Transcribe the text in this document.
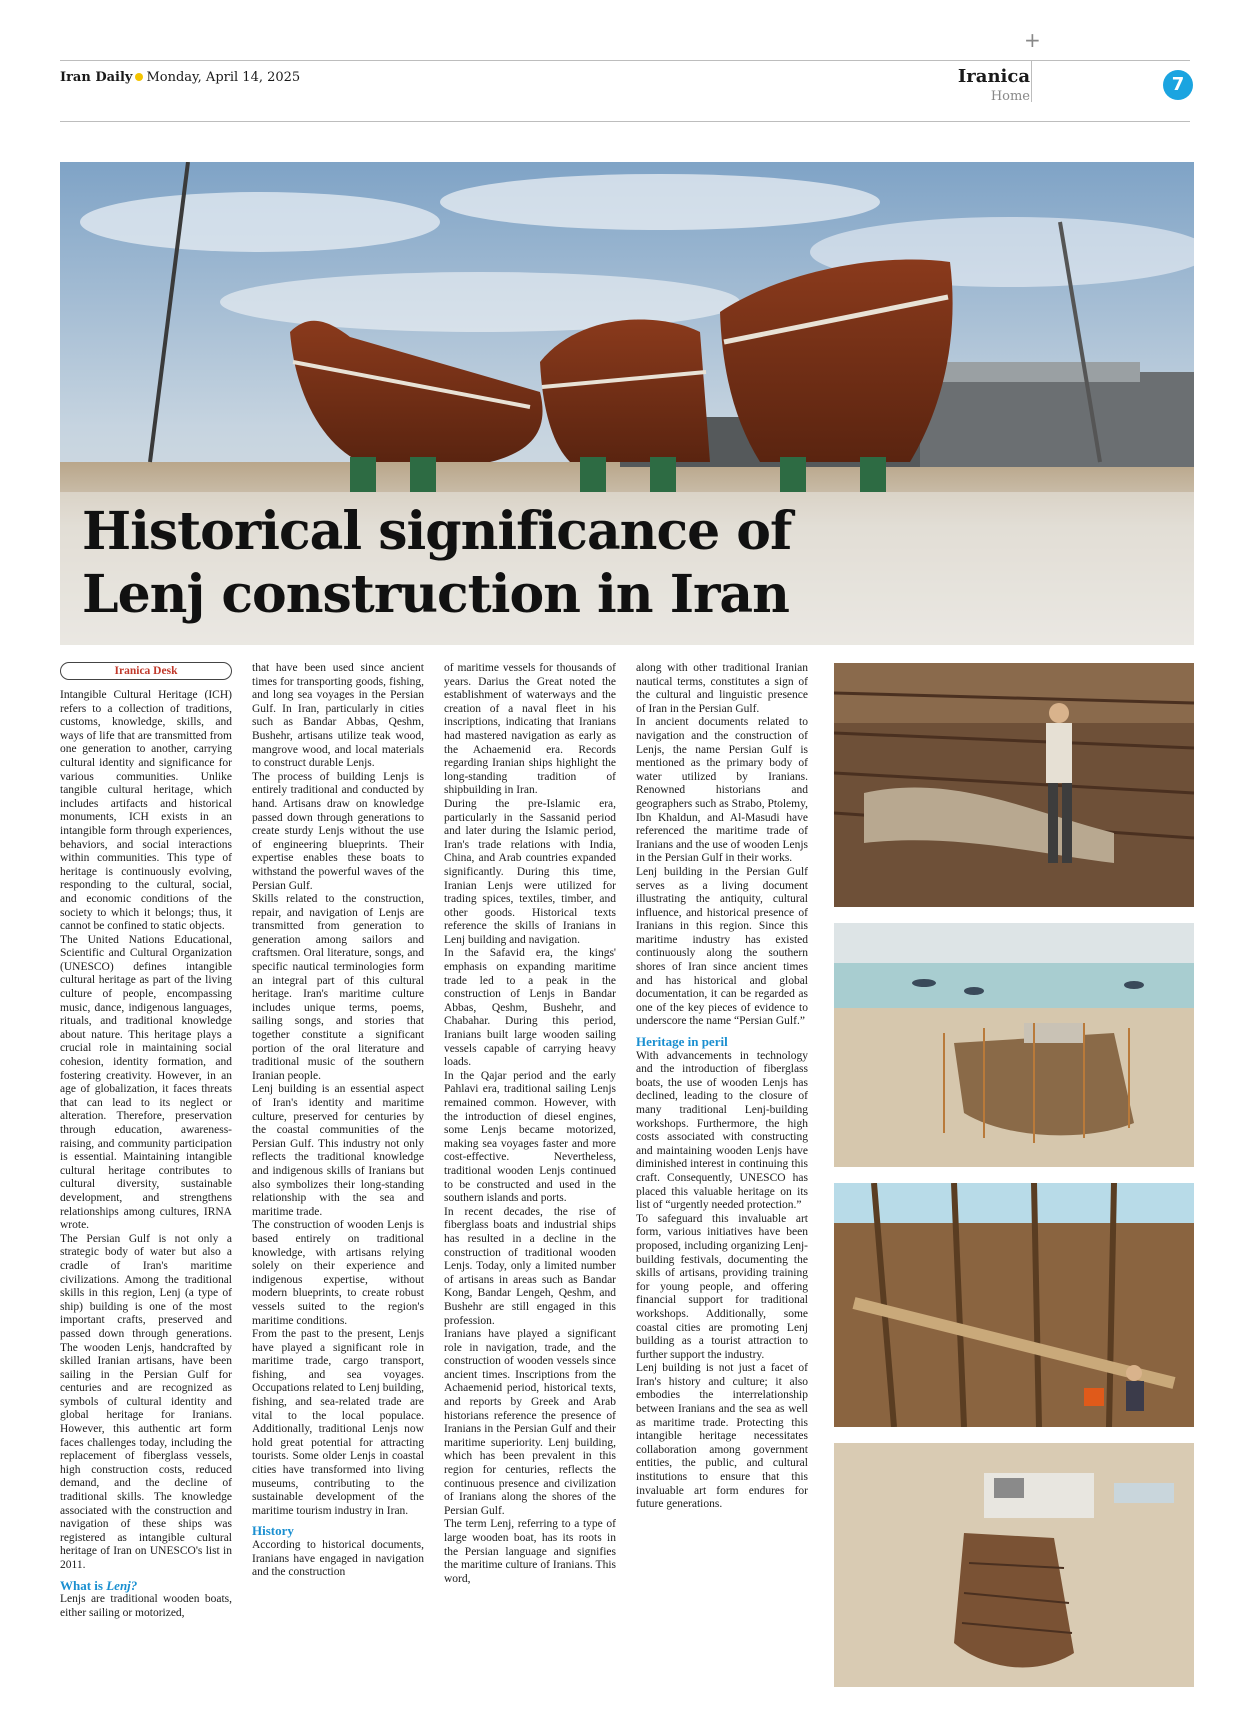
+
Iran Daily Monday, April 14, 2025	Iranica
Home
7
Historical significance of
Lenj construction in Iran
Iranica Desk

Intangible Cultural Heritage (ICH) refers to a collection of traditions, customs, knowledge, skills, and ways of life that are transmitted from one generation to another, carrying cultural identity and significance for various communities. Unlike tangible cultural heritage, which includes artifacts and historical monuments, ICH exists in an intangible form through experiences, behaviors, and social interactions within communities. This type of heritage is continuously evolving, responding to the cultural, social, and economic conditions of the society to which it belongs; thus, it cannot be confined to static objects.

The United Nations Educational, Scientific and Cultural Organization (UNESCO) defines intangible cultural heritage as part of the living culture of people, encompassing music, dance, indigenous languages, rituals, and traditional knowledge about nature. This heritage plays a crucial role in maintaining social cohesion, identity formation, and fostering creativity. However, in an age of globalization, it faces threats that can lead to its neglect or alteration. Therefore, preservation through education, awareness-raising, and community participation is essential. Maintaining intangible cultural heritage contributes to cultural diversity, sustainable development, and strengthens relationships among cultures, IRNA wrote.

The Persian Gulf is not only a strategic body of water but also a cradle of Iran's maritime civilizations. Among the traditional skills in this region, Lenj (a type of ship) building is one of the most important crafts, preserved and passed down through generations. The wooden Lenjs, handcrafted by skilled Iranian artisans, have been sailing in the Persian Gulf for centuries and are recognized as symbols of cultural identity and global heritage for Iranians. However, this authentic art form faces challenges today, including the replacement of fiberglass vessels, high construction costs, reduced demand, and the decline of traditional skills. The knowledge associated with the construction and navigation of these ships was registered as intangible cultural heritage of Iran on UNESCO's list in 2011.

What is Lenj?

Lenjs are traditional wooden boats, either sailing or motorized,

that have been used since ancient times for transporting goods, fishing, and long sea voyages in the Persian Gulf. In Iran, particularly in cities such as Bandar Abbas, Qeshm, Bushehr, artisans utilize teak wood, mangrove wood, and local materials to construct durable Lenjs.

The process of building Lenjs is entirely traditional and conducted by hand. Artisans draw on knowledge passed down through generations to create sturdy Lenjs without the use of engineering blueprints. Their expertise enables these boats to withstand the powerful waves of the Persian Gulf.

Skills related to the construction, repair, and navigation of Lenjs are transmitted from generation to generation among sailors and craftsmen. Oral literature, songs, and specific nautical terminologies form an integral part of this cultural heritage. Iran's maritime culture includes unique terms, poems, sailing songs, and stories that together constitute a significant portion of the oral literature and traditional music of the southern Iranian people.

Lenj building is an essential aspect of Iran's identity and maritime culture, preserved for centuries by the coastal communities of the Persian Gulf. This industry not only reflects the traditional knowledge and indigenous skills of Iranians but also symbolizes their long-standing relationship with the sea and maritime trade.

The construction of wooden Lenjs is based entirely on traditional knowledge, with artisans relying solely on their experience and indigenous expertise, without modern blueprints, to create robust vessels suited to the region's maritime conditions.

From the past to the present, Lenjs have played a significant role in maritime trade, cargo transport, fishing, and sea voyages. Occupations related to Lenj building, fishing, and sea-related trade are vital to the local populace. Additionally, traditional Lenjs now hold great potential for attracting tourists. Some older Lenjs in coastal cities have transformed into living museums, contributing to the sustainable development of the maritime tourism industry in Iran.

History

According to historical documents, Iranians have engaged in navigation and the construction

of maritime vessels for thousands of years. Darius the Great noted the establishment of waterways and the creation of a naval fleet in his inscriptions, indicating that Iranians had mastered navigation as early as the Achaemenid era. Records regarding Iranian ships highlight the long-standing tradition of shipbuilding in Iran.

During the pre-Islamic era, particularly in the Sassanid period and later during the Islamic period, Iran's trade relations with India, China, and Arab countries expanded significantly. During this time, Iranian Lenjs were utilized for trading spices, textiles, timber, and other goods. Historical texts reference the skills of Iranians in Lenj building and navigation.

In the Safavid era, the kings' emphasis on expanding maritime trade led to a peak in the construction of Lenjs in Bandar Abbas, Qeshm, Bushehr, and Chabahar. During this period, Iranians built large wooden sailing vessels capable of carrying heavy loads.

In the Qajar period and the early Pahlavi era, traditional sailing Lenjs remained common. However, with the introduction of diesel engines, some Lenjs became motorized, making sea voyages faster and more cost-effective. Nevertheless, traditional wooden Lenjs continued to be constructed and used in the southern islands and ports.

In recent decades, the rise of fiberglass boats and industrial ships has resulted in a decline in the construction of traditional wooden Lenjs. Today, only a limited number of artisans in areas such as Bandar Kong, Bandar Lengeh, Qeshm, and Bushehr are still engaged in this profession.

Iranians have played a significant role in navigation, trade, and the construction of wooden vessels since ancient times. Inscriptions from the Achaemenid period, historical texts, and reports by Greek and Arab historians reference the presence of Iranians in the Persian Gulf and their maritime superiority. Lenj building, which has been prevalent in this region for centuries, reflects the continuous presence and civilization of Iranians along the shores of the Persian Gulf.

The term Lenj, referring to a type of large wooden boat, has its roots in the Persian language and signifies the maritime culture of Iranians. This word,

along with other traditional Iranian nautical terms, constitutes a sign of the cultural and linguistic presence of Iran in the Persian Gulf.

In ancient documents related to navigation and the construction of Lenjs, the name Persian Gulf is mentioned as the primary body of water utilized by Iranians. Renowned historians and geographers such as Strabo, Ptolemy, Ibn Khaldun, and Al-Masudi have referenced the maritime trade of Iranians and the use of wooden Lenjs in the Persian Gulf in their works.

Lenj building in the Persian Gulf serves as a living document illustrating the antiquity, cultural influence, and historical presence of Iranians in this region. Since this maritime industry has existed continuously along the southern shores of Iran since ancient times and has historical and global documentation, it can be regarded as one of the key pieces of evidence to underscore the name “Persian Gulf.”

Heritage in peril

With advancements in technology and the introduction of fiberglass boats, the use of wooden Lenjs has declined, leading to the closure of many traditional Lenj-building workshops. Furthermore, the high costs associated with constructing and maintaining wooden Lenjs have diminished interest in continuing this craft. Consequently, UNESCO has placed this valuable heritage on its list of “urgently needed protection.”

To safeguard this invaluable art form, various initiatives have been proposed, including organizing Lenj-building festivals, documenting the skills of artisans, providing training for young people, and offering financial support for traditional workshops. Additionally, some coastal cities are promoting Lenj building as a tourist attraction to further support the industry.

Lenj building is not just a facet of Iran's history and culture; it also embodies the interrelationship between Iranians and the sea as well as maritime trade. Protecting this intangible heritage necessitates collaboration among government entities, the public, and cultural institutions to ensure that this invaluable art form endures for future generations.
